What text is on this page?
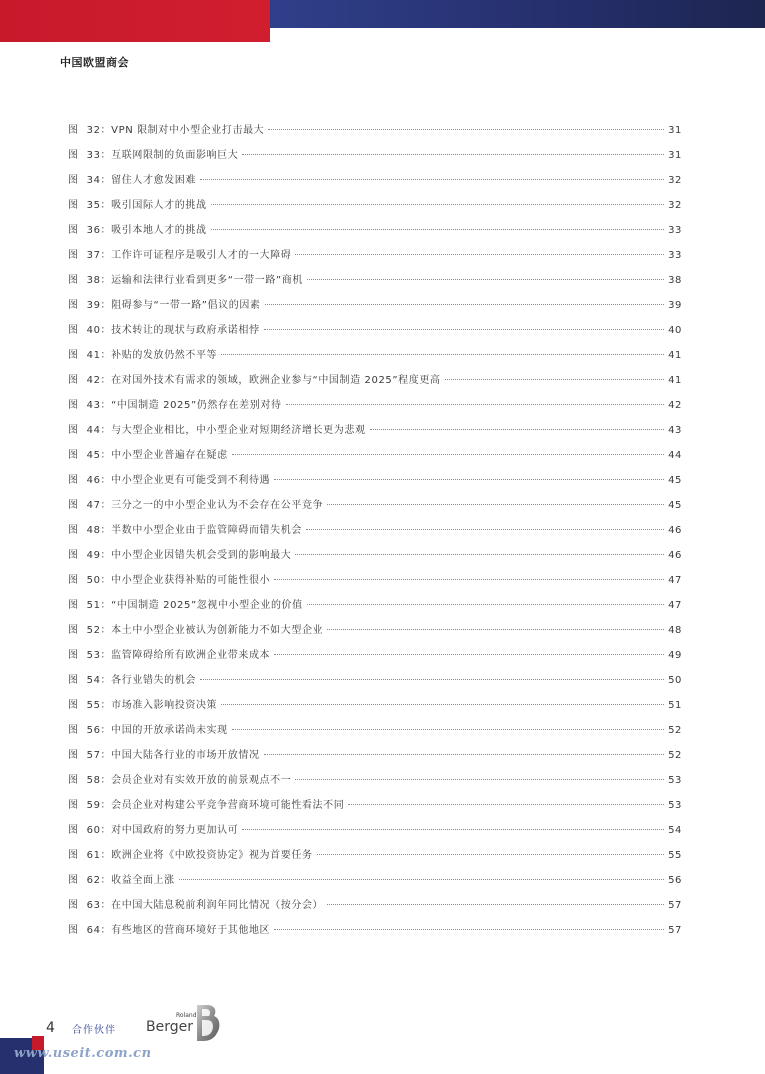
中国欧盟商会
图 32 ： VPN 限制对中小型企业打击最大	31
图 33 ： 互联网限制的负面影响巨大	31
图 34 ： 留住人才愈发困难	32
图 35 ： 吸引国际人才的挑战	32
图 36 ： 吸引本地人才的挑战	33
图 37 ： 工作许可证程序是吸引人才的一大障碍	33
图 38 ： 运输和法律行业看到更多“一带一路”商机	38
图 39 ： 阻碍参与“一带一路”倡议的因素	39
图 40 ： 技术转让的现状与政府承诺相悖	40
图 41 ： 补贴的发放仍然不平等	41
图 42 ： 在对国外技术有需求的领域，欧洲企业参与“中国制造 2025”程度更高	41
图 43 ： “中国制造 2025”仍然存在差别对待	42
图 44 ： 与大型企业相比，中小型企业对短期经济增长更为悲观	43
图 45 ： 中小型企业普遍存在疑虑	44
图 46 ： 中小型企业更有可能受到不利待遇	45
图 47 ： 三分之一的中小型企业认为不会存在公平竞争	45
图 48 ： 半数中小型企业由于监管障碍而错失机会	46
图 49 ： 中小型企业因错失机会受到的影响最大	46
图 50 ： 中小型企业获得补贴的可能性很小	47
图 51 ： “中国制造 2025”忽视中小型企业的价值	47
图 52 ： 本土中小型企业被认为创新能力不如大型企业	48
图 53 ： 监管障碍给所有欧洲企业带来成本	49
图 54 ： 各行业错失的机会	50
图 55 ： 市场准入影响投资决策	51
图 56 ： 中国的开放承诺尚未实现	52
图 57 ： 中国大陆各行业的市场开放情况	52
图 58 ： 会员企业对有实效开放的前景观点不一	53
图 59 ： 会员企业对构建公平竞争营商环境可能性看法不同	53
图 60 ： 对中国政府的努力更加认可	54
图 61 ： 欧洲企业将《中欧投资协定》视为首要任务	55
图 62 ： 收益全面上涨	56
图 63 ： 在中国大陆息税前利润年同比情况（按分会）	57
图 64 ： 有些地区的营商环境好于其他地区	57
4 合作伙伴
Roland
Berger
www.useit.com.cn
